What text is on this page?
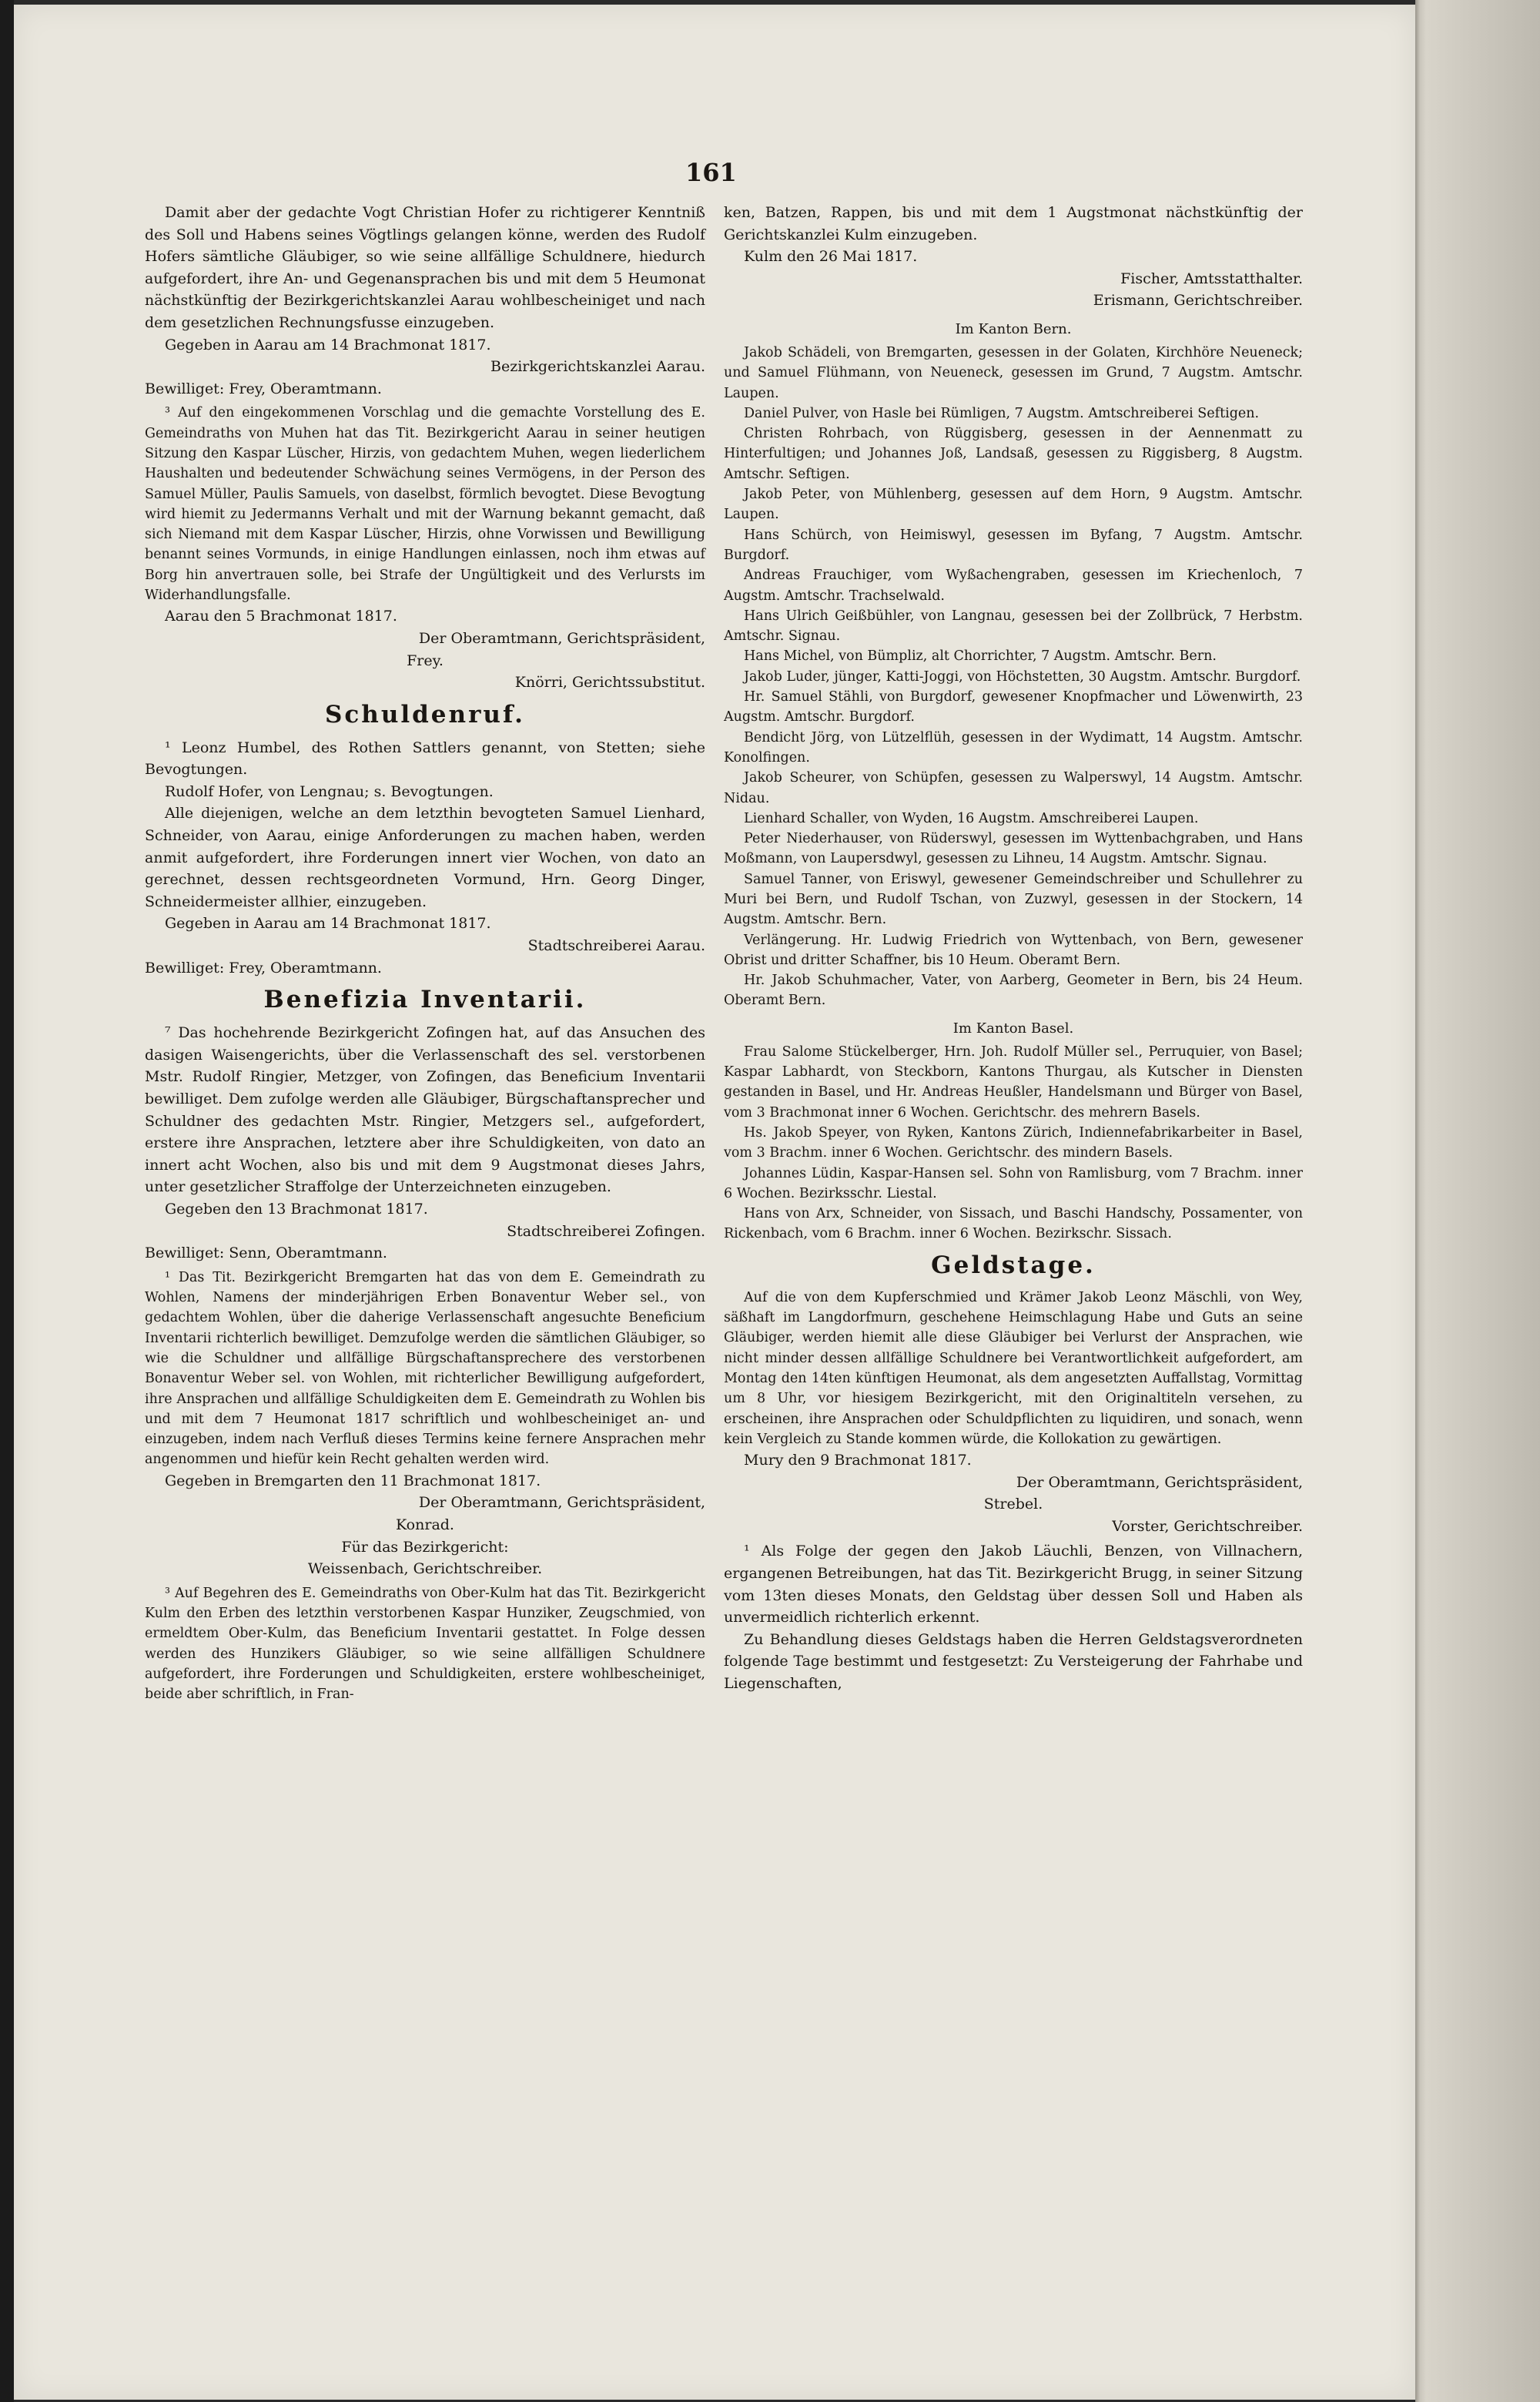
161

Damit aber der gedachte Vogt Christian Hofer zu richtigerer Kenntniß des Soll und Habens seines Vögtlings gelangen könne, werden des Rudolf Hofers sämtliche Gläubiger, so wie seine allfällige Schuldnere, hiedurch aufgefordert, ihre An- und Gegenansprachen bis und mit dem 5 Heumonat nächstkünftig der Bezirkgerichtskanzlei Aarau wohlbescheiniget und nach dem gesetzlichen Rechnungsfusse einzugeben.

Gegeben in Aarau am 14 Brachmonat 1817.

Bezirkgerichtskanzlei Aarau.

Bewilliget: Frey, Oberamtmann.

³ Auf den eingekommenen Vorschlag und die gemachte Vorstellung des E. Gemeindraths von Muhen hat das Tit. Bezirkgericht Aarau in seiner heutigen Sitzung den Kaspar Lüscher, Hirzis, von gedachtem Muhen, wegen liederlichem Haushalten und bedeutender Schwächung seines Vermögens, in der Person des Samuel Müller, Paulis Samuels, von daselbst, förmlich bevogtet. Diese Bevogtung wird hiemit zu Jedermanns Verhalt und mit der Warnung bekannt gemacht, daß sich Niemand mit dem Kaspar Lüscher, Hirzis, ohne Vorwissen und Bewilligung benannt seines Vormunds, in einige Handlungen einlassen, noch ihm etwas auf Borg hin anvertrauen solle, bei Strafe der Ungültigkeit und des Verlursts im Widerhandlungsfalle.

Aarau den 5 Brachmonat 1817.

Der Oberamtmann, Gerichtspräsident,

Frey.

Knörri, Gerichtssubstitut.

Schuldenruf.

¹ Leonz Humbel, des Rothen Sattlers genannt, von Stetten; siehe Bevogtungen.

Rudolf Hofer, von Lengnau; s. Bevogtungen.

Alle diejenigen, welche an dem letzthin bevogteten Samuel Lienhard, Schneider, von Aarau, einige Anforderungen zu machen haben, werden anmit aufgefordert, ihre Forderungen innert vier Wochen, von dato an gerechnet, dessen rechtsgeordneten Vormund, Hrn. Georg Dinger, Schneidermeister allhier, einzugeben.

Gegeben in Aarau am 14 Brachmonat 1817.

Stadtschreiberei Aarau.

Bewilliget: Frey, Oberamtmann.

Benefizia Inventarii.

⁷ Das hochehrende Bezirkgericht Zofingen hat, auf das Ansuchen des dasigen Waisengerichts, über die Verlassenschaft des sel. verstorbenen Mstr. Rudolf Ringier, Metzger, von Zofingen, das Beneficium Inventarii bewilliget. Dem zufolge werden alle Gläubiger, Bürgschaftansprecher und Schuldner des gedachten Mstr. Ringier, Metzgers sel., aufgefordert, erstere ihre Ansprachen, letztere aber ihre Schuldigkeiten, von dato an innert acht Wochen, also bis und mit dem 9 Augstmonat dieses Jahrs, unter gesetzlicher Straffolge der Unterzeichneten einzugeben.

Gegeben den 13 Brachmonat 1817.

Stadtschreiberei Zofingen.

Bewilliget: Senn, Oberamtmann.

¹ Das Tit. Bezirkgericht Bremgarten hat das von dem E. Gemeindrath zu Wohlen, Namens der minderjährigen Erben Bonaventur Weber sel., von gedachtem Wohlen, über die daherige Verlassenschaft angesuchte Beneficium Inventarii richterlich bewilliget. Demzufolge werden die sämtlichen Gläubiger, so wie die Schuldner und allfällige Bürgschaftansprechere des verstorbenen Bonaventur Weber sel. von Wohlen, mit richterlicher Bewilligung aufgefordert, ihre Ansprachen und allfällige Schuldigkeiten dem E. Gemeindrath zu Wohlen bis und mit dem 7 Heumonat 1817 schriftlich und wohlbescheiniget an- und einzugeben, indem nach Verfluß dieses Termins keine fernere Ansprachen mehr angenommen und hiefür kein Recht gehalten werden wird.

Gegeben in Bremgarten den 11 Brachmonat 1817.

Der Oberamtmann, Gerichtspräsident,

Konrad.

Für das Bezirkgericht:

Weissenbach, Gerichtschreiber.

³ Auf Begehren des E. Gemeindraths von Ober-Kulm hat das Tit. Bezirkgericht Kulm den Erben des letzthin verstorbenen Kaspar Hunziker, Zeugschmied, von ermeldtem Ober-Kulm, das Beneficium Inventarii gestattet. In Folge dessen werden des Hunzikers Gläubiger, so wie seine allfälligen Schuldnere aufgefordert, ihre Forderungen und Schuldigkeiten, erstere wohlbescheiniget, beide aber schriftlich, in Fran-

ken, Batzen, Rappen, bis und mit dem 1 Augstmonat nächstkünftig der Gerichtskanzlei Kulm einzugeben.

Kulm den 26 Mai 1817.

Fischer, Amtsstatthalter.

Erismann, Gerichtschreiber.

Im Kanton Bern.

Jakob Schädeli, von Bremgarten, gesessen in der Golaten, Kirchhöre Neueneck; und Samuel Flühmann, von Neueneck, gesessen im Grund, 7 Augstm. Amtschr. Laupen.

Daniel Pulver, von Hasle bei Rümligen, 7 Augstm. Amtschreiberei Seftigen.

Christen Rohrbach, von Rüggisberg, gesessen in der Aennenmatt zu Hinterfultigen; und Johannes Joß, Landsaß, gesessen zu Riggisberg, 8 Augstm. Amtschr. Seftigen.

Jakob Peter, von Mühlenberg, gesessen auf dem Horn, 9 Augstm. Amtschr. Laupen.

Hans Schürch, von Heimiswyl, gesessen im Byfang, 7 Augstm. Amtschr. Burgdorf.

Andreas Frauchiger, vom Wyßachengraben, gesessen im Kriechenloch, 7 Augstm. Amtschr. Trachselwald.

Hans Ulrich Geißbühler, von Langnau, gesessen bei der Zollbrück, 7 Herbstm. Amtschr. Signau.

Hans Michel, von Bümpliz, alt Chorrichter, 7 Augstm. Amtschr. Bern.

Jakob Luder, jünger, Katti-Joggi, von Höchstetten, 30 Augstm. Amtschr. Burgdorf.

Hr. Samuel Stähli, von Burgdorf, gewesener Knopfmacher und Löwenwirth, 23 Augstm. Amtschr. Burgdorf.

Bendicht Jörg, von Lützelflüh, gesessen in der Wydimatt, 14 Augstm. Amtschr. Konolfingen.

Jakob Scheurer, von Schüpfen, gesessen zu Walperswyl, 14 Augstm. Amtschr. Nidau.

Lienhard Schaller, von Wyden, 16 Augstm. Amschreiberei Laupen.

Peter Niederhauser, von Rüderswyl, gesessen im Wyttenbachgraben, und Hans Moßmann, von Laupersdwyl, gesessen zu Lihneu, 14 Augstm. Amtschr. Signau.

Samuel Tanner, von Eriswyl, gewesener Gemeindschreiber und Schullehrer zu Muri bei Bern, und Rudolf Tschan, von Zuzwyl, gesessen in der Stockern, 14 Augstm. Amtschr. Bern.

Verlängerung. Hr. Ludwig Friedrich von Wyttenbach, von Bern, gewesener Obrist und dritter Schaffner, bis 10 Heum. Oberamt Bern.

Hr. Jakob Schuhmacher, Vater, von Aarberg, Geometer in Bern, bis 24 Heum. Oberamt Bern.

Im Kanton Basel.

Frau Salome Stückelberger, Hrn. Joh. Rudolf Müller sel., Perruquier, von Basel; Kaspar Labhardt, von Steckborn, Kantons Thurgau, als Kutscher in Diensten gestanden in Basel, und Hr. Andreas Heußler, Handelsmann und Bürger von Basel, vom 3 Brachmonat inner 6 Wochen. Gerichtschr. des mehrern Basels.

Hs. Jakob Speyer, von Ryken, Kantons Zürich, Indiennefabrikarbeiter in Basel, vom 3 Brachm. inner 6 Wochen. Gerichtschr. des mindern Basels.

Johannes Lüdin, Kaspar-Hansen sel. Sohn von Ramlisburg, vom 7 Brachm. inner 6 Wochen. Bezirksschr. Liestal.

Hans von Arx, Schneider, von Sissach, und Baschi Handschy, Possamenter, von Rickenbach, vom 6 Brachm. inner 6 Wochen. Bezirkschr. Sissach.

Geldstage.

Auf die von dem Kupferschmied und Krämer Jakob Leonz Mäschli, von Wey, säßhaft im Langdorfmurn, geschehene Heimschlagung Habe und Guts an seine Gläubiger, werden hiemit alle diese Gläubiger bei Verlurst der Ansprachen, wie nicht minder dessen allfällige Schuldnere bei Verantwortlichkeit aufgefordert, am Montag den 14ten künftigen Heumonat, als dem angesetzten Auffallstag, Vormittag um 8 Uhr, vor hiesigem Bezirkgericht, mit den Originaltiteln versehen, zu erscheinen, ihre Ansprachen oder Schuldpflichten zu liquidiren, und sonach, wenn kein Vergleich zu Stande kommen würde, die Kollokation zu gewärtigen.

Mury den 9 Brachmonat 1817.

Der Oberamtmann, Gerichtspräsident,

Strebel.

Vorster, Gerichtschreiber.

¹ Als Folge der gegen den Jakob Läuchli, Benzen, von Villnachern, ergangenen Betreibungen, hat das Tit. Bezirkgericht Brugg, in seiner Sitzung vom 13ten dieses Monats, den Geldstag über dessen Soll und Haben als unvermeidlich richterlich erkennt.

Zu Behandlung dieses Geldstags haben die Herren Geldstagsverordneten folgende Tage bestimmt und festgesetzt: Zu Versteigerung der Fahrhabe und Liegenschaften,
